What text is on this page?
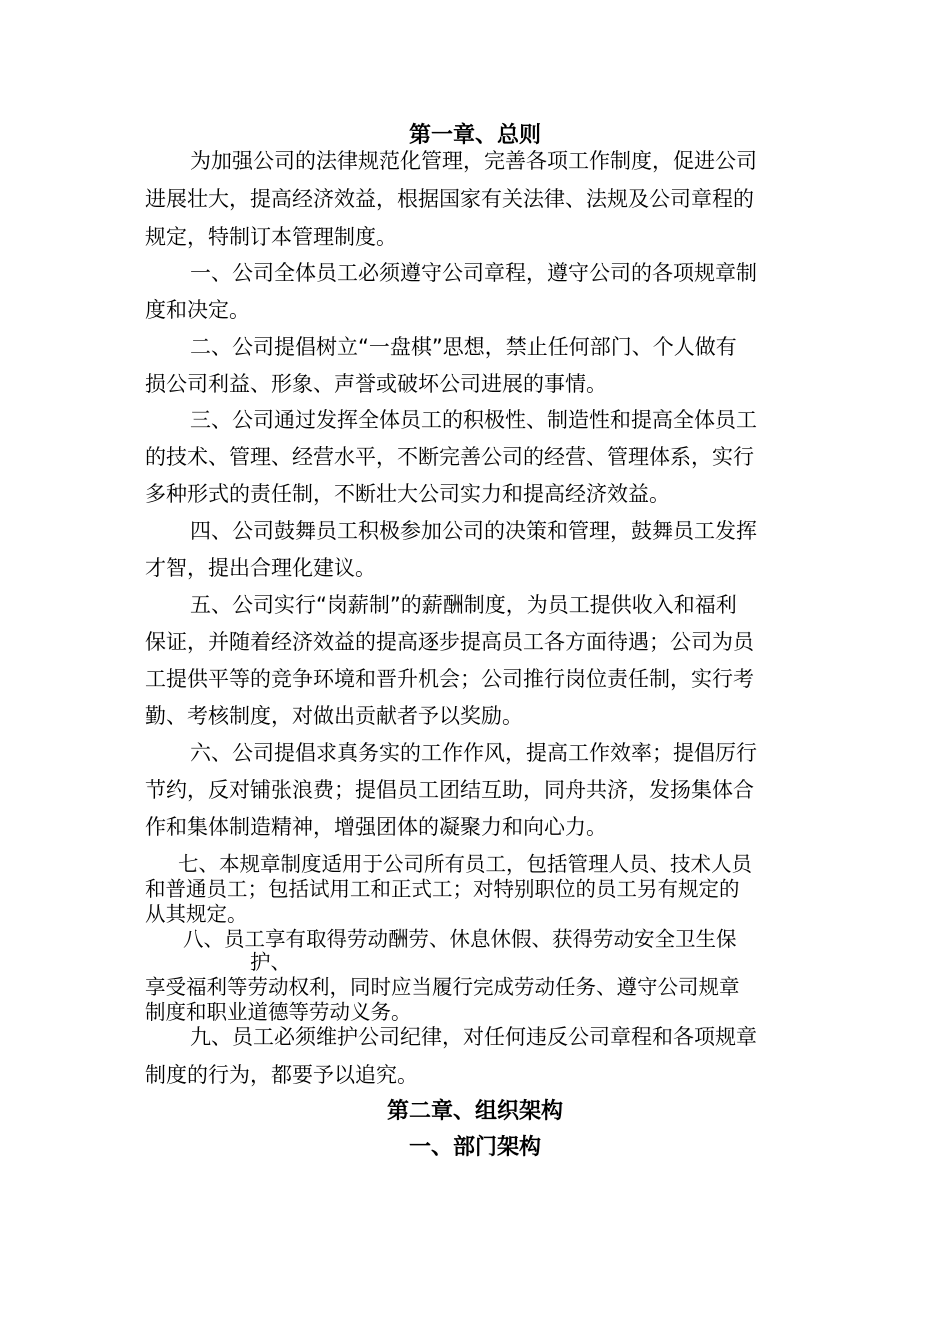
第一章、总则

为加强公司的法律规范化管理，完善各项工作制度，促进公司

进展壮大，提高经济效益，根据国家有关法律、法规及公司章程的

规定，特制订本管理制度。

一、公司全体员工必须遵守公司章程，遵守公司的各项规章制

度和决定。

二、公司提倡树立“一盘棋”思想，禁止任何部门、个人做有

损公司利益、形象、声誉或破坏公司进展的事情。

三、公司通过发挥全体员工的积极性、制造性和提高全体员工

的技术、管理、经营水平，不断完善公司的经营、管理体系，实行

多种形式的责任制，不断壮大公司实力和提高经济效益。

四、公司鼓舞员工积极参加公司的决策和管理，鼓舞员工发挥

才智，提出合理化建议。

五、公司实行“岗薪制”的薪酬制度，为员工提供收入和福利

保证，并随着经济效益的提高逐步提高员工各方面待遇；公司为员

工提供平等的竞争环境和晋升机会；公司推行岗位责任制，实行考

勤、考核制度，对做出贡献者予以奖励。

六、公司提倡求真务实的工作作风，提高工作效率；提倡厉行

节约，反对铺张浪费；提倡员工团结互助，同舟共济，发扬集体合

作和集体制造精神，增强团体的凝聚力和向心力。

七、本规章制度适用于公司所有员工，包括管理人员、技术人员

和普通员工；包括试用工和正式工；对特别职位的员工另有规定的

从其规定。

八、员工享有取得劳动酬劳、休息休假、获得劳动安全卫生保

护、

享受福利等劳动权利，同时应当履行完成劳动任务、遵守公司规章

制度和职业道德等劳动义务。

九、员工必须维护公司纪律，对任何违反公司章程和各项规章

制度的行为，都要予以追究。

第二章、组织架构
一、部门架构
